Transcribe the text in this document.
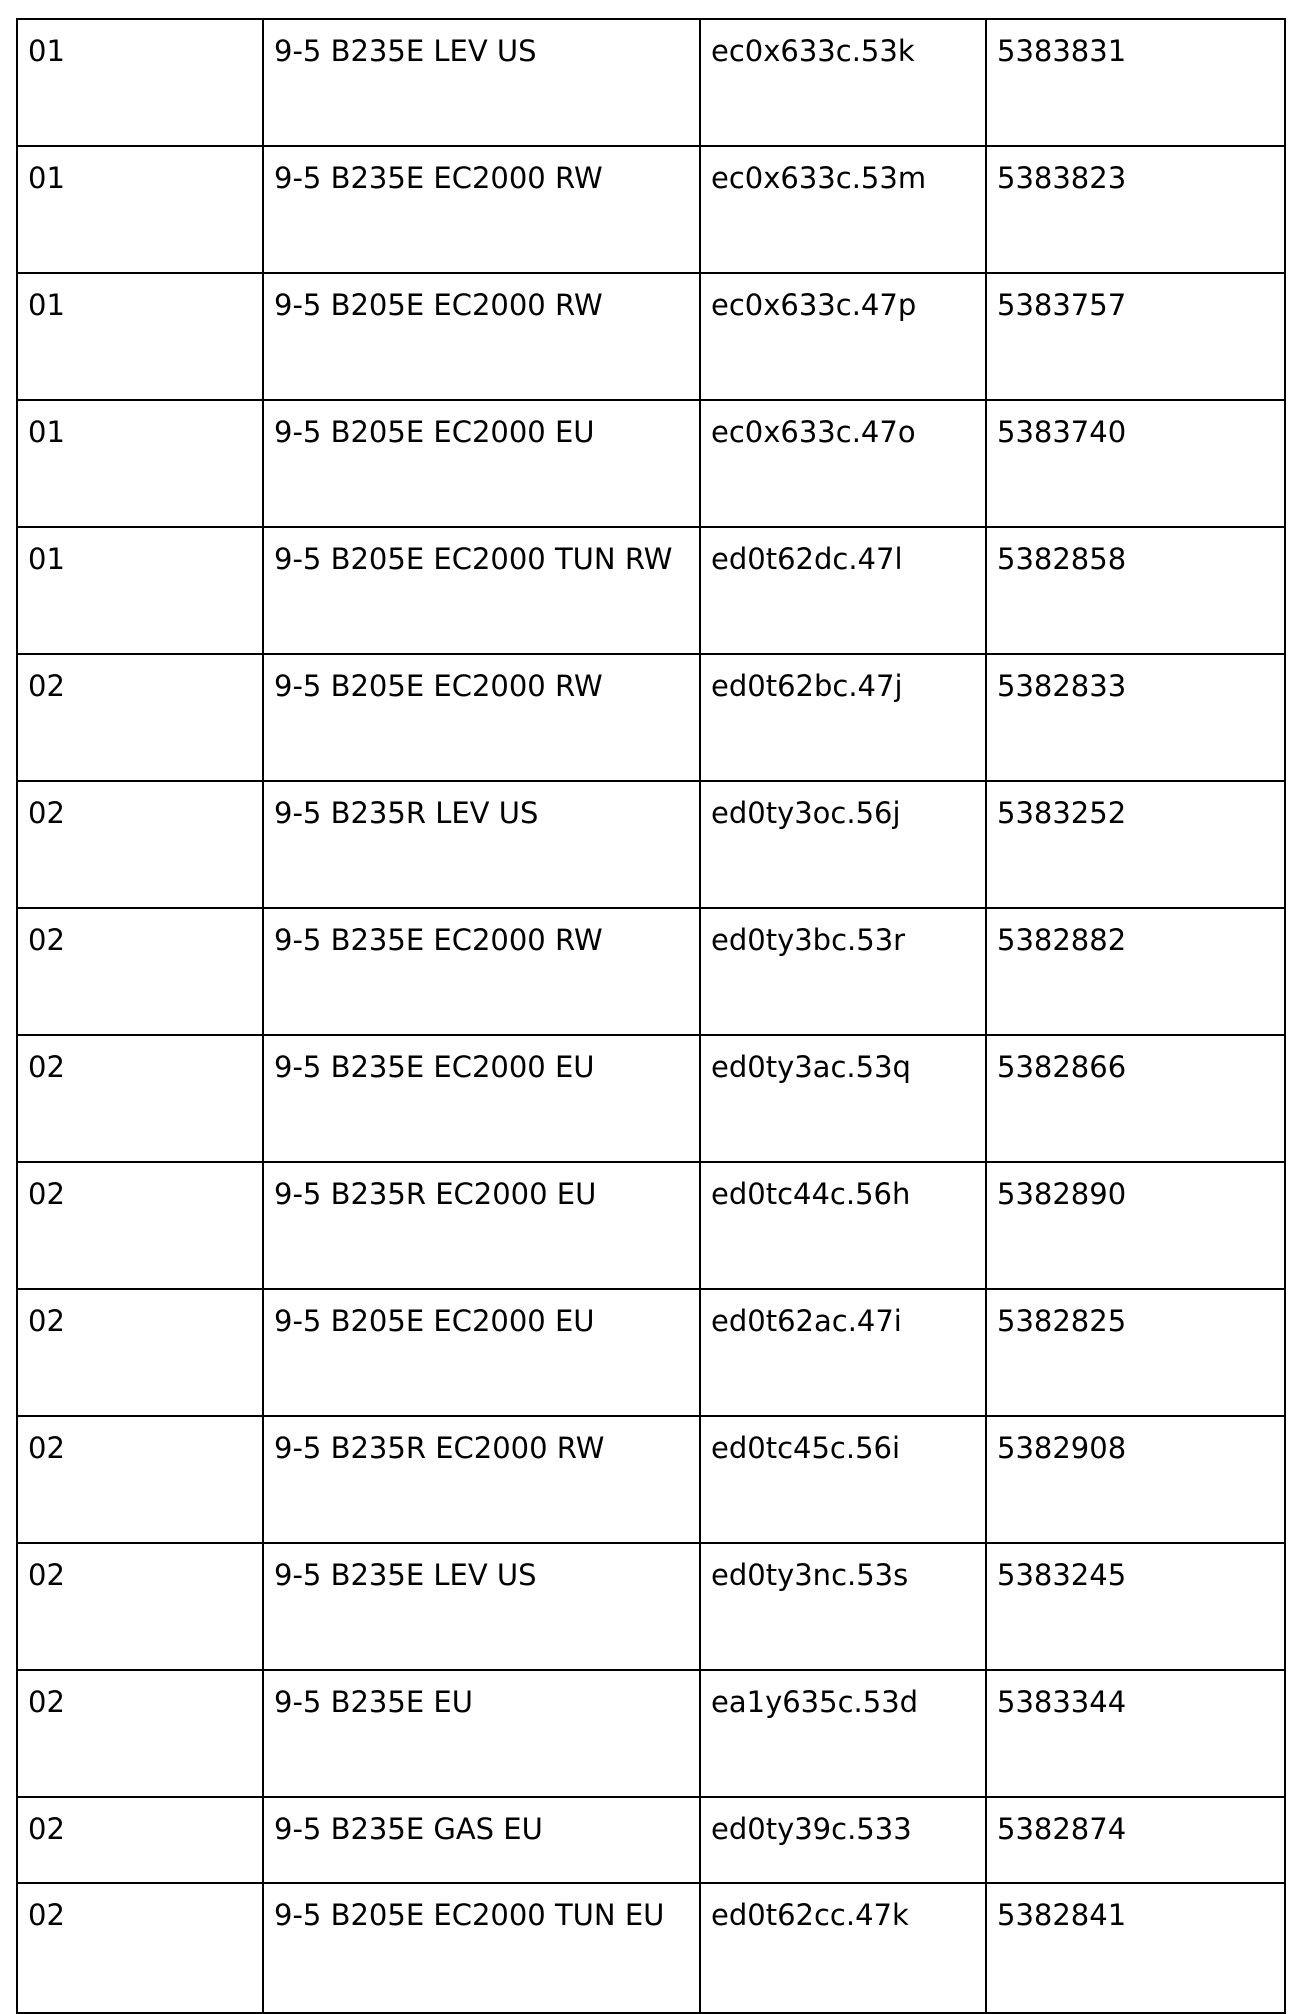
01	9-5 B235E LEV US	ec0x633c.53k	5383831
01	9-5 B235E EC2000 RW	ec0x633c.53m	5383823
01	9-5 B205E EC2000 RW	ec0x633c.47p	5383757
01	9-5 B205E EC2000 EU	ec0x633c.47o	5383740
01	9-5 B205E EC2000 TUN RW	ed0t62dc.47l	5382858
02	9-5 B205E EC2000 RW	ed0t62bc.47j	5382833
02	9-5 B235R LEV US	ed0ty3oc.56j	5383252
02	9-5 B235E EC2000 RW	ed0ty3bc.53r	5382882
02	9-5 B235E EC2000 EU	ed0ty3ac.53q	5382866
02	9-5 B235R EC2000 EU	ed0tc44c.56h	5382890
02	9-5 B205E EC2000 EU	ed0t62ac.47i	5382825
02	9-5 B235R EC2000 RW	ed0tc45c.56i	5382908
02	9-5 B235E LEV US	ed0ty3nc.53s	5383245
02	9-5 B235E EU	ea1y635c.53d	5383344
02	9-5 B235E GAS EU	ed0ty39c.533	5382874
02	9-5 B205E EC2000 TUN EU	ed0t62cc.47k	5382841
